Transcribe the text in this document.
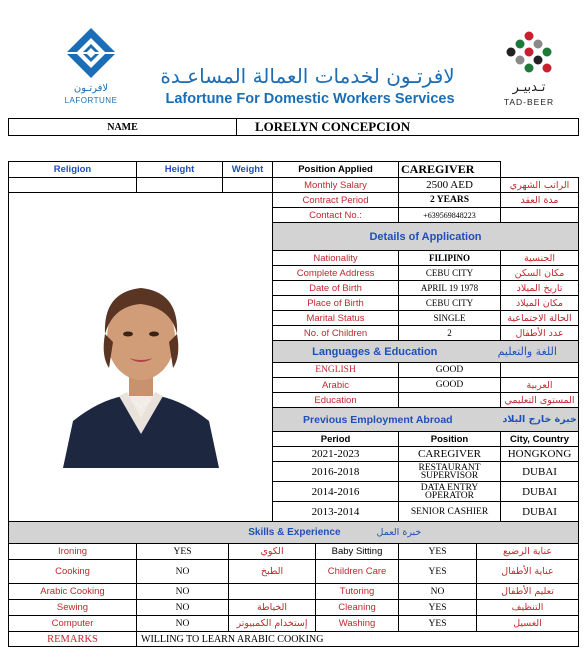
لافرتـون
LAFORTUNE
لافرتـون لخدمات العمالة المساعـدة
Lafortune For Domestic Workers Services
تـدبيـر
TAD-BEER
NAME	LORELYN CONCEPCION
Religion	Height	Weight		Position Applied			CAREGIVER		
				Monthly Salary			2500 AED		الراتب الشهري

	Contract Period			2 YEARS		مدة العقد
				Contact No.:			+639569848223		
				Details of Application					
				Nationality			FILIPINO		الجنسية
				Complete Address			CEBU CITY		مكان السكن
				Date of Birth			APRIL 19 1978		تاريخ الميلاد
				Place of Birth			CEBU CITY		مكان الميلاد
				Marital Status			SINGLE		الحالة الاجتماعية
				No. of Children			2		عدد الأطفال
				Languages & Education				اللغة والتعليم	
				ENGLISH			GOOD		
				Arabic			GOOD		العربية
				Education					المستوى التعليمي
				Previous Employment Abroad					خبرة خارج البلاد
				Period			Position		City, Country
				2021-2023			CAREGIVER		HONGKONG
				2016-2018			RESTAURANT SUPERVISOR		DUBAI
				2014-2016			DATA ENTRY OPERATOR		DUBAI
				2013-2014			SENIOR CASHIER		DUBAI
Skills & Experience						خبرة العمل			
Ironing	YES		الكوي		Baby Sitting		YES	عناية الرضيع	
Cooking	NO		الطبخ		Children Care		YES	عناية الأطفال	
Arabic Cooking	NO				Tutoring		NO	تعليم الأطفال	
Sewing	NO		الخياطة		Cleaning		YES	التنظيف	
Computer	NO		إستخدام الكمبيوتر		Washing		YES	الغسيل	
REMARKS	WILLING TO LEARN ARABIC COOKING								
